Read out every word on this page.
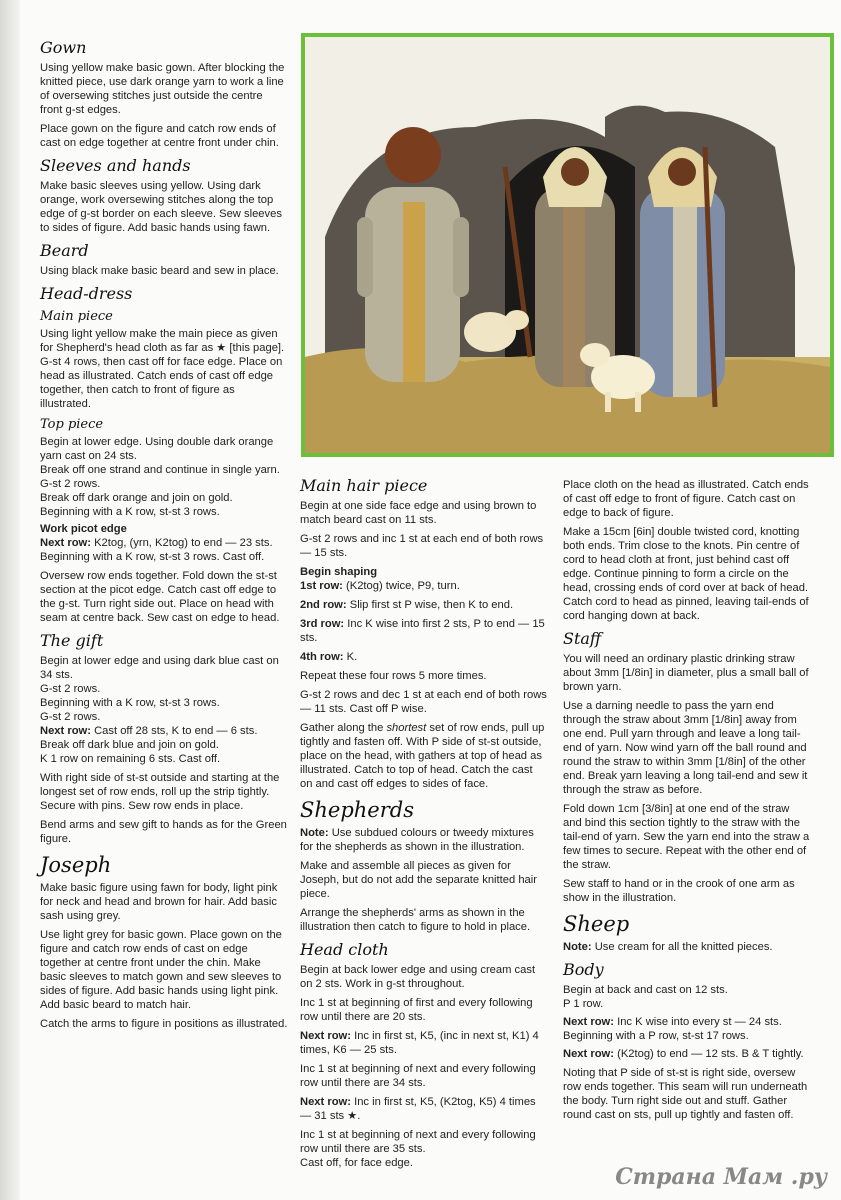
Gown

Using yellow make basic gown. After blocking the knitted piece, use dark orange yarn to work a line of oversewing stitches just outside the centre front g-st edges.

Place gown on the figure and catch row ends of cast on edge together at centre front under chin.

Sleeves and hands

Make basic sleeves using yellow. Using dark orange, work oversewing stitches along the top edge of g-st border on each sleeve. Sew sleeves to sides of figure. Add basic hands using fawn.

Beard

Using black make basic beard and sew in place.

Head-dress
Main piece

Using light yellow make the main piece as given for Shepherd's head cloth as far as ★ [this page]. G-st 4 rows, then cast off for face edge. Place on head as illustrated. Catch ends of cast off edge together, then catch to front of figure as illustrated.

Top piece
Begin at lower edge. Using double dark orange yarn cast on 24 sts.
Break off one strand and continue in single yarn.
G-st 2 rows.
Break off dark orange and join on gold.
Beginning with a K row, st-st 3 rows.
Work picot edge

Next row: K2tog, (yrn, K2tog) to end — 23 sts. Beginning with a K row, st-st 3 rows. Cast off.

Oversew row ends together. Fold down the st-st section at the picot edge. Catch cast off edge to the g-st. Turn right side out. Place on head with seam at centre back. Sew cast on edge to head.

The gift
Begin at lower edge and using dark blue cast on 34 sts.
G-st 2 rows.
Beginning with a K row, st-st 3 rows.
G-st 2 rows.
Next row: Cast off 28 sts, K to end — 6 sts.
Break off dark blue and join on gold.

K 1 row on remaining 6 sts. Cast off.

With right side of st-st outside and starting at the longest set of row ends, roll up the strip tightly. Secure with pins. Sew row ends in place.

Bend arms and sew gift to hands as for the Green figure.

Joseph

Make basic figure using fawn for body, light pink for neck and head and brown for hair. Add basic sash using grey.

Use light grey for basic gown. Place gown on the figure and catch row ends of cast on edge together at centre front under the chin. Make basic sleeves to match gown and sew sleeves to sides of figure. Add basic hands using light pink. Add basic beard to match hair.

Catch the arms to figure in positions as illustrated.

Main hair piece

Begin at one side face edge and using brown to match beard cast on 11 sts.

G-st 2 rows and inc 1 st at each end of both rows — 15 sts.

Begin shaping

1st row: (K2tog) twice, P9, turn.

2nd row: Slip first st P wise, then K to end.

3rd row: Inc K wise into first 2 sts, P to end — 15 sts.

4th row: K.

Repeat these four rows 5 more times.

G-st 2 rows and dec 1 st at each end of both rows — 11 sts. Cast off P wise.

Gather along the shortest set of row ends, pull up tightly and fasten off. With P side of st-st outside, place on the head, with gathers at top of head as illustrated. Catch to top of head. Catch the cast on and cast off edges to sides of face.

Shepherds

Note: Use subdued colours or tweedy mixtures for the shepherds as shown in the illustration.

Make and assemble all pieces as given for Joseph, but do not add the separate knitted hair piece.

Arrange the shepherds' arms as shown in the illustration then catch to figure to hold in place.

Head cloth

Begin at back lower edge and using cream cast on 2 sts. Work in g-st throughout.

Inc 1 st at beginning of first and every following row until there are 20 sts.

Next row: Inc in first st, K5, (inc in next st, K1) 4 times, K6 — 25 sts.

Inc 1 st at beginning of next and every following row until there are 34 sts.

Next row: Inc in first st, K5, (K2tog, K5) 4 times — 31 sts ★.

Inc 1 st at beginning of next and every following row until there are 35 sts.
Cast off, for face edge.

Place cloth on the head as illustrated. Catch ends of cast off edge to front of figure. Catch cast on edge to back of figure.

Make a 15cm [6in] double twisted cord, knotting both ends. Trim close to the knots. Pin centre of cord to head cloth at front, just behind cast off edge. Continue pinning to form a circle on the head, crossing ends of cord over at back of head. Catch cord to head as pinned, leaving tail-ends of cord hanging down at back.

Staff

You will need an ordinary plastic drinking straw about 3mm [1/8in] in diameter, plus a small ball of brown yarn.

Use a darning needle to pass the yarn end through the straw about 3mm [1/8in] away from one end. Pull yarn through and leave a long tail-end of yarn. Now wind yarn off the ball round and round the straw to within 3mm [1/8in] of the other end. Break yarn leaving a long tail-end and sew it through the straw as before.

Fold down 1cm [3/8in] at one end of the straw and bind this section tightly to the straw with the tail-end of yarn. Sew the yarn end into the straw a few times to secure. Repeat with the other end of the straw.

Sew staff to hand or in the crook of one arm as show in the illustration.

Sheep

Note: Use cream for all the knitted pieces.

Body
Begin at back and cast on 12 sts.
P 1 row.
Next row: Inc K wise into every st — 24 sts.
Beginning with a P row, st-st 17 rows.

Next row: (K2tog) to end — 12 sts. B & T tightly.

Noting that P side of st-st is right side, oversew row ends together. This seam will run underneath the body. Turn right side out and stuff. Gather round cast on sts, pull up tightly and fasten off.

Страна Мам .ру
